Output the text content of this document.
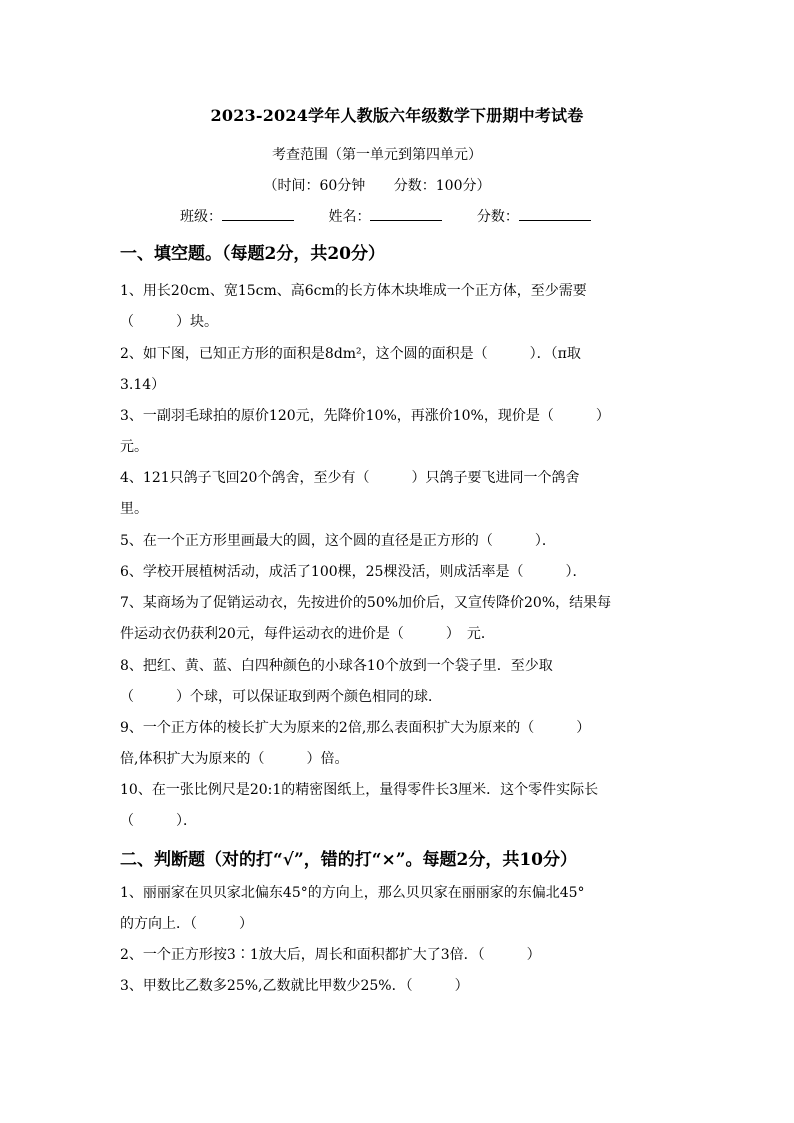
2023-2024学年人教版六年级数学下册期中考试卷
考查范围（第一单元到第四单元）
（时间：60分钟 分数：100分）
班级：	姓名：	分数：
一、填空题。（每题2分，共20分）
1、用长20cm、宽15cm、高6cm的长方体木块堆成一个正方体，至少需要
（　　　）块。
2、如下图，已知正方形的面积是8dm²，这个圆的面积是（　　　）．（π取
3.14）
3、一副羽毛球拍的原价120元，先降价10%，再涨价10%，现价是（　　　）
元。
4、121只鸽子飞回20个鸽舍，至少有（　　　）只鸽子要飞进同一个鸽舍
里。
5、在一个正方形里画最大的圆，这个圆的直径是正方形的（　　　）．
6、学校开展植树活动，成活了100棵，25棵没活，则成活率是（　　　）．
7、某商场为了促销运动衣，先按进价的50%加价后，又宣传降价20%，结果每
件运动衣仍获利20元，每件运动衣的进价是（　　　）　元．
8、把红、黄、蓝、白四种颜色的小球各10个放到一个袋子里．至少取
（　　　）个球，可以保证取到两个颜色相同的球．
9、一个正方体的棱长扩大为原来的2倍,那么表面积扩大为原来的（　　　）
倍,体积扩大为原来的（　　　）倍。
10、在一张比例尺是20:1的精密图纸上，量得零件长3厘米．这个零件实际长
（　　　）．
二、判断题（对的打“√”，错的打“×”。每题2分，共10分）
1、丽丽家在贝贝家北偏东45°的方向上，那么贝贝家在丽丽家的东偏北45°
的方向上．（　　　）
2、一个正方形按3∶1放大后，周长和面积都扩大了3倍．（　　　）
3、甲数比乙数多25%,乙数就比甲数少25%．（　　　）
